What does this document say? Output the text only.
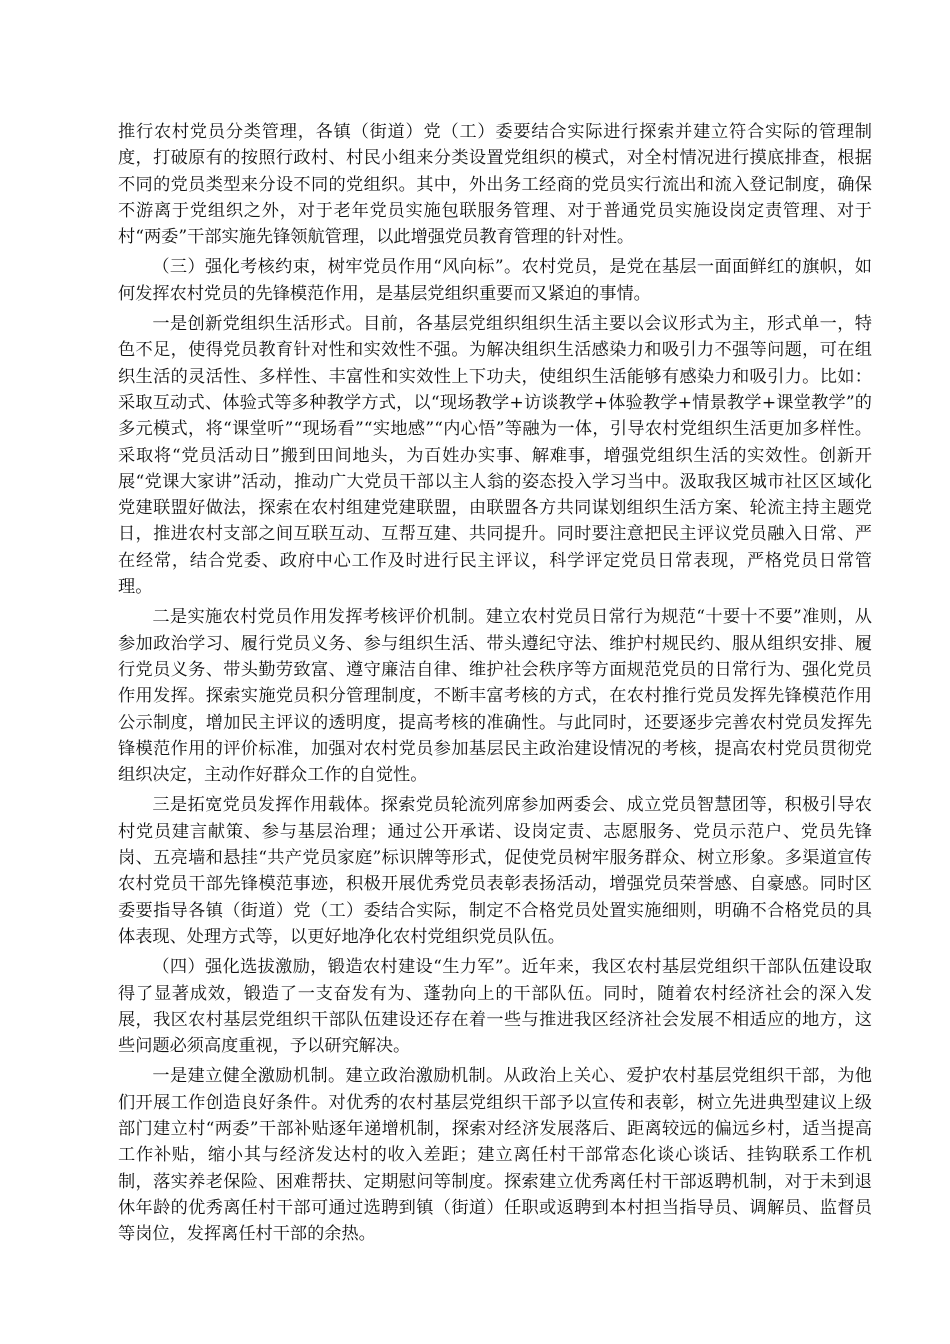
推行农村党员分类管理，各镇（街道）党（工）委要结合实际进行探索并建立符合实际的管理制度，打破原有的按照行政村、村民小组来分类设置党组织的模式，对全村情况进行摸底排查，根据不同的党员类型来分设不同的党组织。其中，外出务工经商的党员实行流出和流入登记制度，确保不游离于党组织之外，对于老年党员实施包联服务管理、对于普通党员实施设岗定责管理、对于村“两委”干部实施先锋领航管理，以此增强党员教育管理的针对性。

（三）强化考核约束，树牢党员作用“风向标”。农村党员，是党在基层一面面鲜红的旗帜，如何发挥农村党员的先锋模范作用，是基层党组织重要而又紧迫的事情。

一是创新党组织生活形式。目前，各基层党组织组织生活主要以会议形式为主，形式单一，特色不足，使得党员教育针对性和实效性不强。为解决组织生活感染力和吸引力不强等问题，可在组织生活的灵活性、多样性、丰富性和实效性上下功夫，使组织生活能够有感染力和吸引力。比如：采取互动式、体验式等多种教学方式，以“现场教学+访谈教学+体验教学+情景教学+课堂教学”的多元模式，将“课堂听”“现场看”“实地感”“内心悟”等融为一体，引导农村党组织生活更加多样性。采取将“党员活动日”搬到田间地头，为百姓办实事、解难事，增强党组织生活的实效性。创新开展“党课大家讲”活动，推动广大党员干部以主人翁的姿态投入学习当中。汲取我区城市社区区域化党建联盟好做法，探索在农村组建党建联盟，由联盟各方共同谋划组织生活方案、轮流主持主题党日，推进农村支部之间互联互动、互帮互建、共同提升。同时要注意把民主评议党员融入日常、严在经常，结合党委、政府中心工作及时进行民主评议，科学评定党员日常表现，严格党员日常管理。

二是实施农村党员作用发挥考核评价机制。建立农村党员日常行为规范“十要十不要”准则，从参加政治学习、履行党员义务、参与组织生活、带头遵纪守法、维护村规民约、服从组织安排、履行党员义务、带头勤劳致富、遵守廉洁自律、维护社会秩序等方面规范党员的日常行为、强化党员作用发挥。探索实施党员积分管理制度，不断丰富考核的方式，在农村推行党员发挥先锋模范作用公示制度，增加民主评议的透明度，提高考核的准确性。与此同时，还要逐步完善农村党员发挥先锋模范作用的评价标准，加强对农村党员参加基层民主政治建设情况的考核，提高农村党员贯彻党组织决定，主动作好群众工作的自觉性。

三是拓宽党员发挥作用载体。探索党员轮流列席参加两委会、成立党员智慧团等，积极引导农村党员建言献策、参与基层治理；通过公开承诺、设岗定责、志愿服务、党员示范户、党员先锋岗、五亮墙和悬挂“共产党员家庭”标识牌等形式，促使党员树牢服务群众、树立形象。多渠道宣传农村党员干部先锋模范事迹，积极开展优秀党员表彰表扬活动，增强党员荣誉感、自豪感。同时区委要指导各镇（街道）党（工）委结合实际，制定不合格党员处置实施细则，明确不合格党员的具体表现、处理方式等，以更好地净化农村党组织党员队伍。

（四）强化选拔激励，锻造农村建设“生力军”。近年来，我区农村基层党组织干部队伍建设取得了显著成效，锻造了一支奋发有为、蓬勃向上的干部队伍。同时，随着农村经济社会的深入发展，我区农村基层党组织干部队伍建设还存在着一些与推进我区经济社会发展不相适应的地方，这些问题必须高度重视，予以研究解决。

一是建立健全激励机制。建立政治激励机制。从政治上关心、爱护农村基层党组织干部，为他们开展工作创造良好条件。对优秀的农村基层党组织干部予以宣传和表彰，树立先进典型建议上级部门建立村“两委”干部补贴逐年递增机制，探索对经济发展落后、距离较远的偏远乡村，适当提高工作补贴，缩小其与经济发达村的收入差距；建立离任村干部常态化谈心谈话、挂钩联系工作机制，落实养老保险、困难帮扶、定期慰问等制度。探索建立优秀离任村干部返聘机制，对于未到退休年龄的优秀离任村干部可通过选聘到镇（街道）任职或返聘到本村担当指导员、调解员、监督员等岗位，发挥离任村干部的余热。
